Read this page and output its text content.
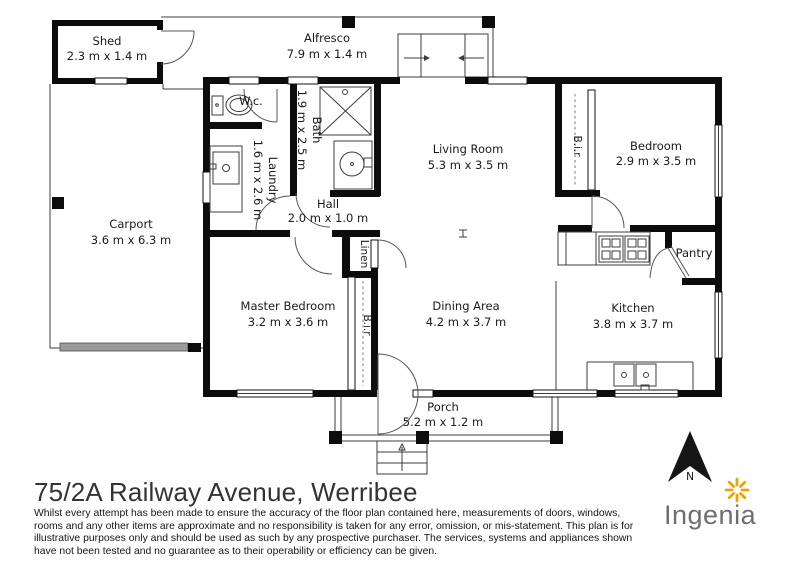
Shed
2.3 m x 1.4 m
Alfresco
7.9 m x 1.4 m
Carport
3.6 m x 6.3 m
W.c.
Bath
1.9 m x 2.5 m
Laundry
1.6 m x 2.6 m	Hall
2.0 m x 1.0 m
Living Room
5.3 m x 3.5 m
B.i.r	Bedroom
2.9 m x 3.5 m
Linen
Master Bedroom
3.2 m x 3.6 m	B.i.r
Dining Area
4.2 m x 3.7 m
Kitchen
3.8 m x 3.7 m
Pantry
Porch
5.2 m x 1.2 m
N
Ingenia
75/2A Railway Avenue, Werribee
Whilst every attempt has been made to ensure the accuracy of the floor plan contained here, measurements of doors, windows, rooms and any other items are approximate and no responsibility is taken for any error, omission, or mis-statement. This plan is for illustrative purposes only and should be used as such by any prospective purchaser. The services, systems and appliances shown have not been tested and no guarantee as to their operability or efficiency can be given.
